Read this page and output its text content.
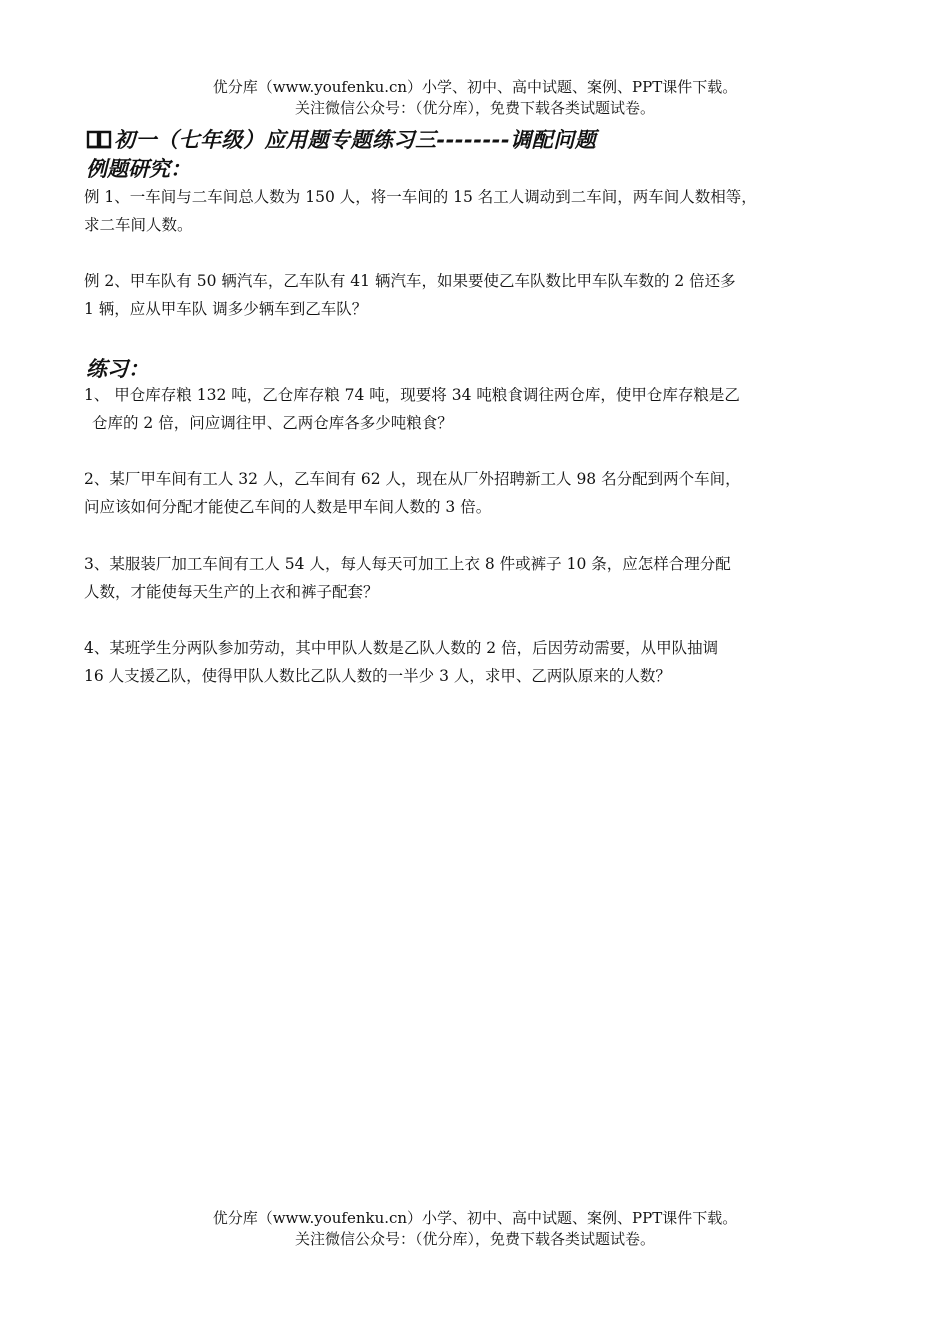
优分库（www.youfenku.cn）小学、初中、高中试题、案例、PPT课件下载。
关注微信公众号：（优分库），免费下载各类试题试卷。
初一（七年级）应用题专题练习三--------调配问题
例题研究：
例 1、一车间与二车间总人数为 150 人，将一车间的 15 名工人调动到二车间，两车间人数相等，
求二车间人数。
例 2、甲车队有 50 辆汽车，乙车队有 41 辆汽车，如果要使乙车队数比甲车队车数的 2 倍还多
1 辆，应从甲车队 调多少辆车到乙车队？
练习：
1、 甲仓库存粮 132 吨，乙仓库存粮 74 吨，现要将 34 吨粮食调往两仓库，使甲仓库存粮是乙
仓库的 2 倍，问应调往甲、乙两仓库各多少吨粮食？
2、某厂甲车间有工人 32 人，乙车间有 62 人，现在从厂外招聘新工人 98 名分配到两个车间，
问应该如何分配才能使乙车间的人数是甲车间人数的 3 倍。
3、某服装厂加工车间有工人 54 人，每人每天可加工上衣 8 件或裤子 10 条，应怎样合理分配
人数，才能使每天生产的上衣和裤子配套？
4、某班学生分两队参加劳动，其中甲队人数是乙队人数的 2 倍，后因劳动需要，从甲队抽调
16 人支援乙队，使得甲队人数比乙队人数的一半少 3 人，求甲、乙两队原来的人数？
优分库（www.youfenku.cn）小学、初中、高中试题、案例、PPT课件下载。
关注微信公众号：（优分库），免费下载各类试题试卷。
